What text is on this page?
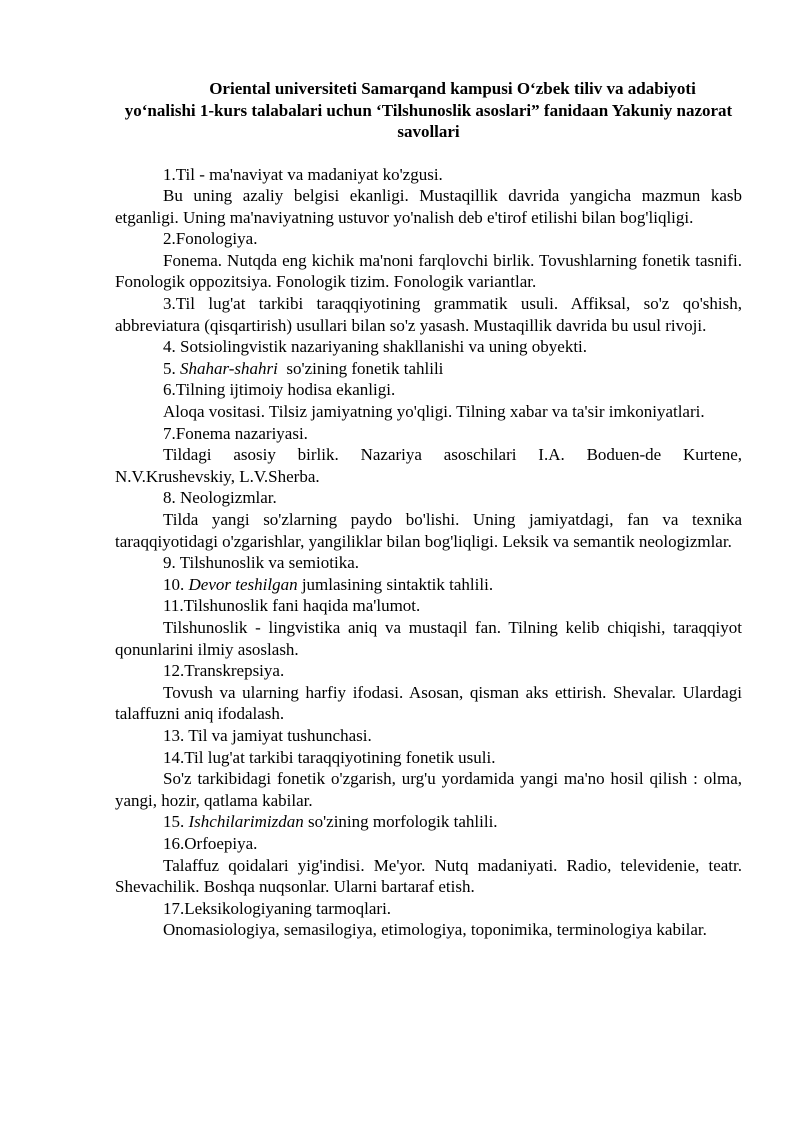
Oriental universiteti Samarqand kampusi O‘zbek tiliv va adabiyoti
yo‘nalishi 1-kurs talabalari uchun ‘Tilshunoslik asoslari” fanidaan Yakuniy nazorat savollari

1.Til - ma'naviyat va madaniyat ko'zgusi.

Bu uning azaliy belgisi ekanligi. Mustaqillik davrida yangicha mazmun kasb etganligi. Uning ma'naviyatning ustuvor yo'nalish deb e'tirof etilishi bilan bog'liqligi.

2.Fonologiya.

Fonema. Nutqda eng kichik ma'noni farqlovchi birlik. Tovushlarning fonetik tasnifi. Fonologik oppozitsiya. Fonologik tizim. Fonologik variantlar.

3.Til lug'at tarkibi taraqqiyotining grammatik usuli. Affiksal, so'z qo'shish, abbreviatura (qisqartirish) usullari bilan so'z yasash. Mustaqillik davrida bu usul rivoji.

4. Sotsiolingvistik nazariyaning shakllanishi va uning obyekti.

5. Shahar-shahri  so'zining fonetik tahlili

6.Tilning ijtimoiy hodisa ekanligi.

Aloqa vositasi. Tilsiz jamiyatning yo'qligi. Tilning xabar va ta'sir imkoniyatlari.

7.Fonema nazariyasi.

Tildagi asosiy birlik. Nazariya asoschilari I.A. Boduen-de Kurtene, N.V.Krushevskiy, L.V.Sherba.

8. Neologizmlar.

Tilda yangi so'zlarning paydo bo'lishi. Uning jamiyatdagi, fan va texnika taraqqiyotidagi o'zgarishlar, yangiliklar bilan bog'liqligi. Leksik va semantik neologizmlar.

9. Tilshunoslik va semiotika.

10. Devor teshilgan jumlasining sintaktik tahlili.

11.Tilshunoslik fani haqida ma'lumot.

Tilshunoslik - lingvistika aniq va mustaqil fan. Tilning kelib chiqishi, taraqqiyot qonunlarini ilmiy asoslash.

12.Transkrepsiya.

Tovush va ularning harfiy ifodasi. Asosan, qisman aks ettirish. Shevalar. Ulardagi talaffuzni aniq ifodalash.

13. Til va jamiyat tushunchasi.

14.Til lug'at tarkibi taraqqiyotining fonetik usuli.

So'z tarkibidagi fonetik o'zgarish, urg'u yordamida yangi ma'no hosil qilish : olma, yangi, hozir, qatlama kabilar.

15. Ishchilarimizdan so'zining morfologik tahlili.

16.Orfoepiya.

Talaffuz qoidalari yig'indisi. Me'yor. Nutq madaniyati. Radio, televidenie, teatr. Shevachilik. Boshqa nuqsonlar. Ularni bartaraf etish.

17.Leksikologiyaning tarmoqlari.

Onomasiologiya, semasilogiya, etimologiya, toponimika, terminologiya kabilar.
